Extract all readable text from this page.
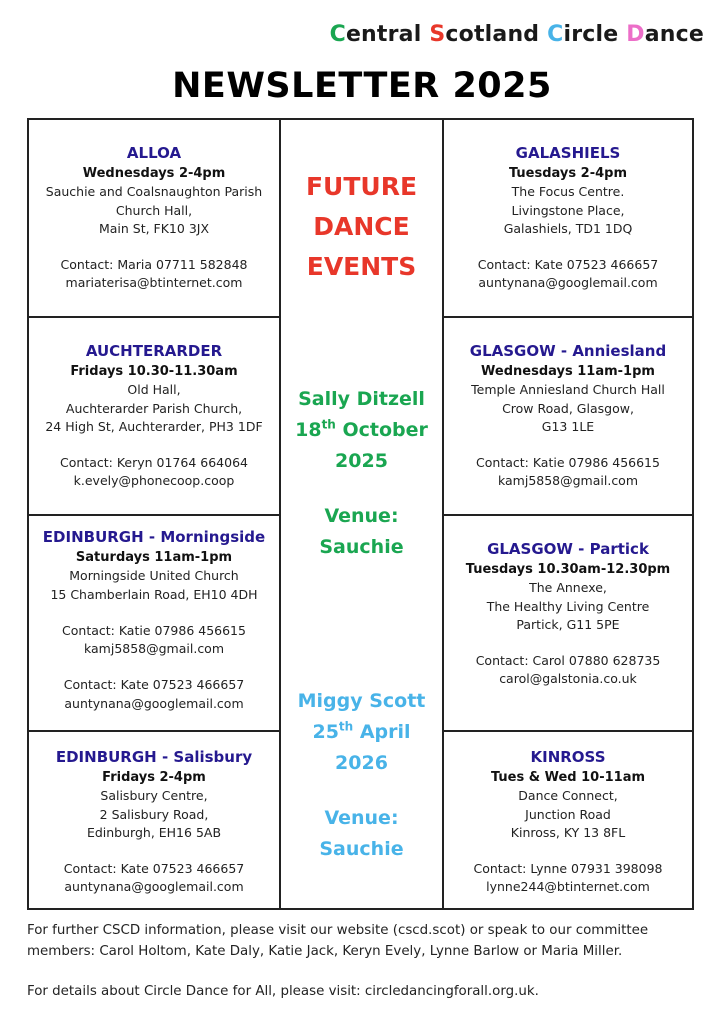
Central Scotland Circle Dance
NEWSLETTER 2025
ALLOA
Wednesdays 2-4pm
Sauchie and Coalsnaughton Parish
Church Hall,
Main St, FK10 3JX
Contact: Maria 07711 582848
mariaterisa@btinternet.com
AUCHTERARDER
Fridays 10.30-11.30am
Old Hall,
Auchterarder Parish Church,
24 High St, Auchterarder, PH3 1DF
Contact: Keryn 01764 664064
k.evely@phonecoop.coop
EDINBURGH - Morningside
Saturdays 11am-1pm
Morningside United Church
15 Chamberlain Road, EH10 4DH
Contact: Katie 07986 456615
kamj5858@gmail.com
Contact: Kate 07523 466657
auntynana@googlemail.com
EDINBURGH - Salisbury
Fridays 2-4pm
Salisbury Centre,
2 Salisbury Road,
Edinburgh, EH16 5AB
Contact: Kate 07523 466657
auntynana@googlemail.com
FUTURE
DANCE
EVENTS
Sally Ditzell
18th October
2025
Venue:
Sauchie
Miggy Scott
25th April
2026
Venue:
Sauchie
GALASHIELS
Tuesdays 2-4pm
The Focus Centre.
Livingstone Place,
Galashiels, TD1 1DQ
Contact: Kate 07523 466657
auntynana@googlemail.com
GLASGOW - Anniesland
Wednesdays 11am-1pm
Temple Anniesland Church Hall
Crow Road, Glasgow,
G13 1LE
Contact: Katie 07986 456615
kamj5858@gmail.com
GLASGOW - Partick
Tuesdays 10.30am-12.30pm
The Annexe,
The Healthy Living Centre
Partick, G11 5PE
Contact: Carol 07880 628735
carol@galstonia.co.uk
KINROSS
Tues & Wed 10-11am
Dance Connect,
Junction Road
Kinross, KY 13 8FL
Contact: Lynne 07931 398098
lynne244@btinternet.com

For further CSCD information, please visit our website (cscd.scot) or speak to our committee

members: Carol Holtom, Kate Daly, Katie Jack, Keryn Evely, Lynne Barlow or Maria Miller.

For details about Circle Dance for All, please visit: circledancingforall.org.uk.
